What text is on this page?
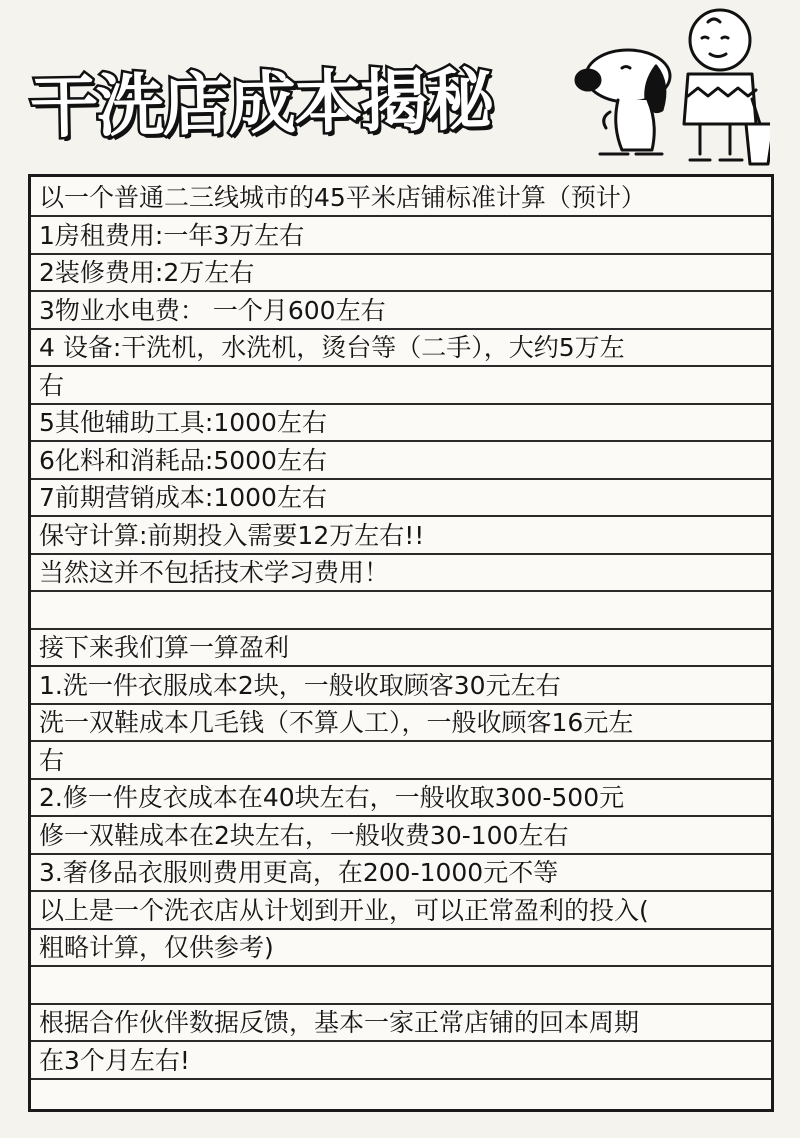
干洗店成本揭秘
以一个普通二三线城市的45平米店铺标准计算（预计）
1房租费用:一年3万左右
2装修费用:2万左右
3物业水电费： 一个月600左右
4 设备:干洗机，水洗机，烫台等（二手），大约5万左
右
5其他辅助工具:1000左右
6化料和消耗品:5000左右
7前期营销成本:1000左右
保守计算:前期投入需要12万左右!!
当然这并不包括技术学习费用！
接下来我们算一算盈利
1.洗一件衣服成本2块，一般收取顾客30元左右
洗一双鞋成本几毛钱（不算人工），一般收顾客16元左
右
2.修一件皮衣成本在40块左右，一般收取300-500元
修一双鞋成本在2块左右，一般收费30-100左右
3.奢侈品衣服则费用更高，在200-1000元不等
以上是一个洗衣店从计划到开业，可以正常盈利的投入(
粗略计算，仅供参考)
根据合作伙伴数据反馈，基本一家正常店铺的回本周期
在3个月左右!
